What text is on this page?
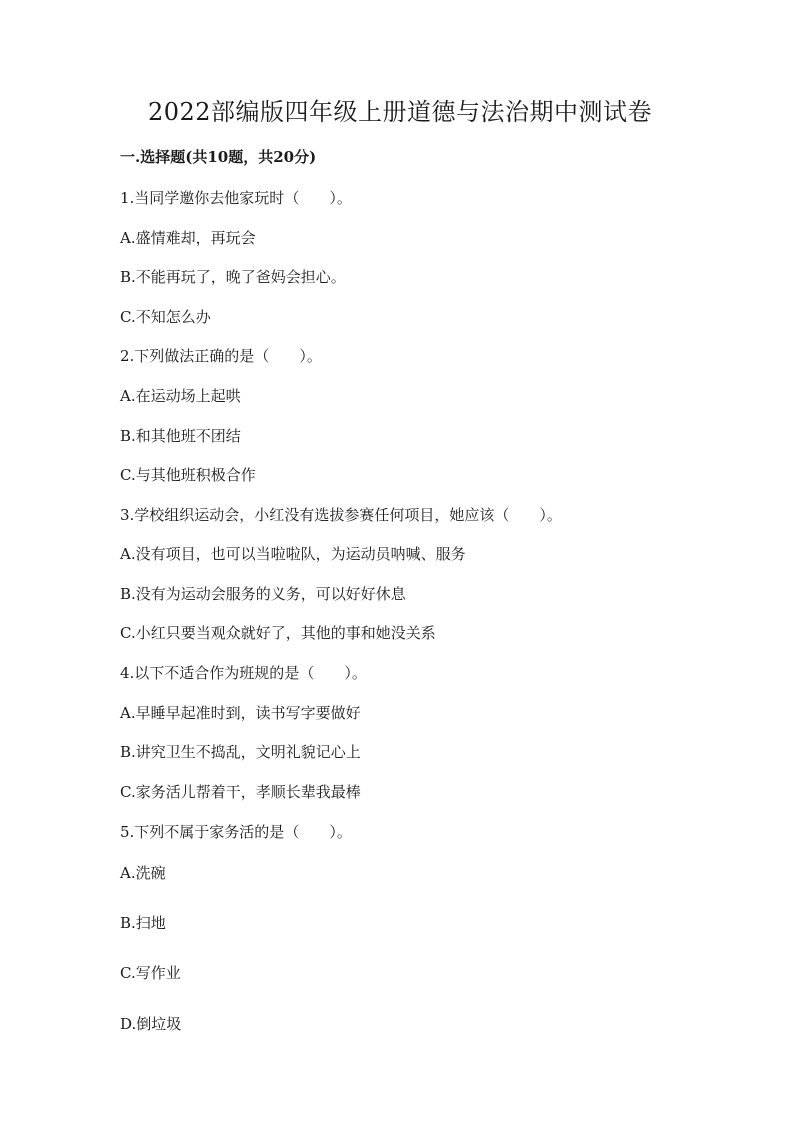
2022部编版四年级上册道德与法治期中测试卷
一.选择题(共10题，共20分)
1.当同学邀你去他家玩时（　　）。
A.盛情难却，再玩会
B.不能再玩了，晚了爸妈会担心。
C.不知怎么办
2.下列做法正确的是（　　）。
A.在运动场上起哄
B.和其他班不团结
C.与其他班积极合作
3.学校组织运动会，小红没有选拔参赛任何项目，她应该（　　）。
A.没有项目，也可以当啦啦队，为运动员呐喊、服务
B.没有为运动会服务的义务，可以好好休息
C.小红只要当观众就好了，其他的事和她没关系
4.以下不适合作为班规的是（　　）。
A.早睡早起准时到，读书写字要做好
B.讲究卫生不捣乱，文明礼貌记心上
C.家务活儿帮着干，孝顺长辈我最棒
5.下列不属于家务活的是（　　）。
A.洗碗
B.扫地
C.写作业
D.倒垃圾
